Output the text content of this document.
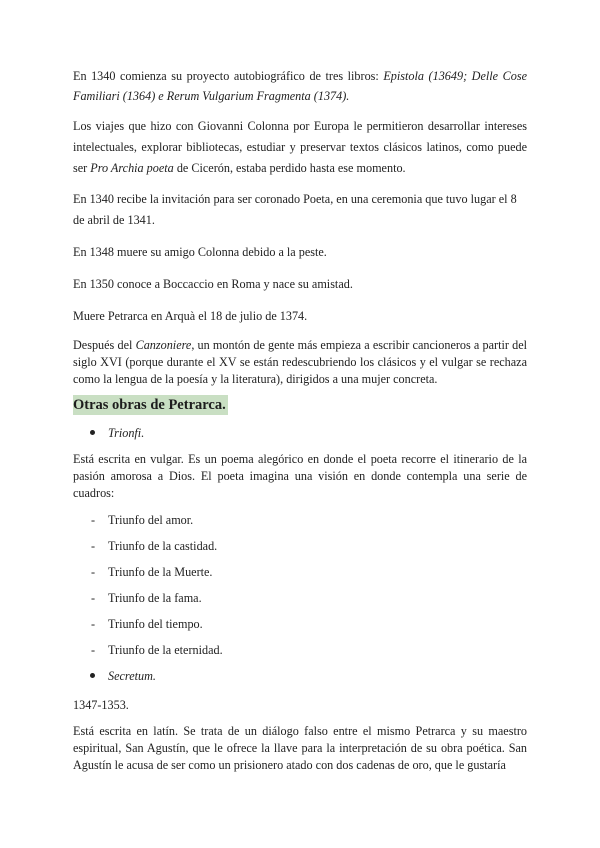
En 1340 comienza su proyecto autobiográfico de tres libros: Epistola (13649; Delle Cose Familiari (1364) e Rerum Vulgarium Fragmenta (1374).

Los viajes que hizo con Giovanni Colonna por Europa le permitieron desarrollar intereses intelectuales, explorar bibliotecas, estudiar y preservar textos clásicos latinos, como puede ser Pro Archia poeta de Cicerón, estaba perdido hasta ese momento.

En 1340 recibe la invitación para ser coronado Poeta, en una ceremonia que tuvo lugar el 8 de abril de 1341.

En 1348 muere su amigo Colonna debido a la peste.

En 1350 conoce a Boccaccio en Roma y nace su amistad.

Muere Petrarca en Arquà el 18 de julio de 1374.

Después del Canzoniere, un montón de gente más empieza a escribir cancioneros a partir del siglo XVI (porque durante el XV se están redescubriendo los clásicos y el vulgar se rechaza como la lengua de la poesía y la literatura), dirigidos a una mujer concreta.

Otras obras de Petrarca.
Trionfi.

Está escrita en vulgar. Es un poema alegórico en donde el poeta recorre el itinerario de la pasión amorosa a Dios. El poeta imagina una visión en donde contempla una serie de cuadros:

- Triunfo del amor.
- Triunfo de la castidad.
- Triunfo de la Muerte.
- Triunfo de la fama.
- Triunfo del tiempo.
- Triunfo de la eternidad.
Secretum.

1347-1353.

Está escrita en latín. Se trata de un diálogo falso entre el mismo Petrarca y su maestro espiritual, San Agustín, que le ofrece la llave para la interpretación de su obra poética. San Agustín le acusa de ser como un prisionero atado con dos cadenas de oro, que le gustaría
